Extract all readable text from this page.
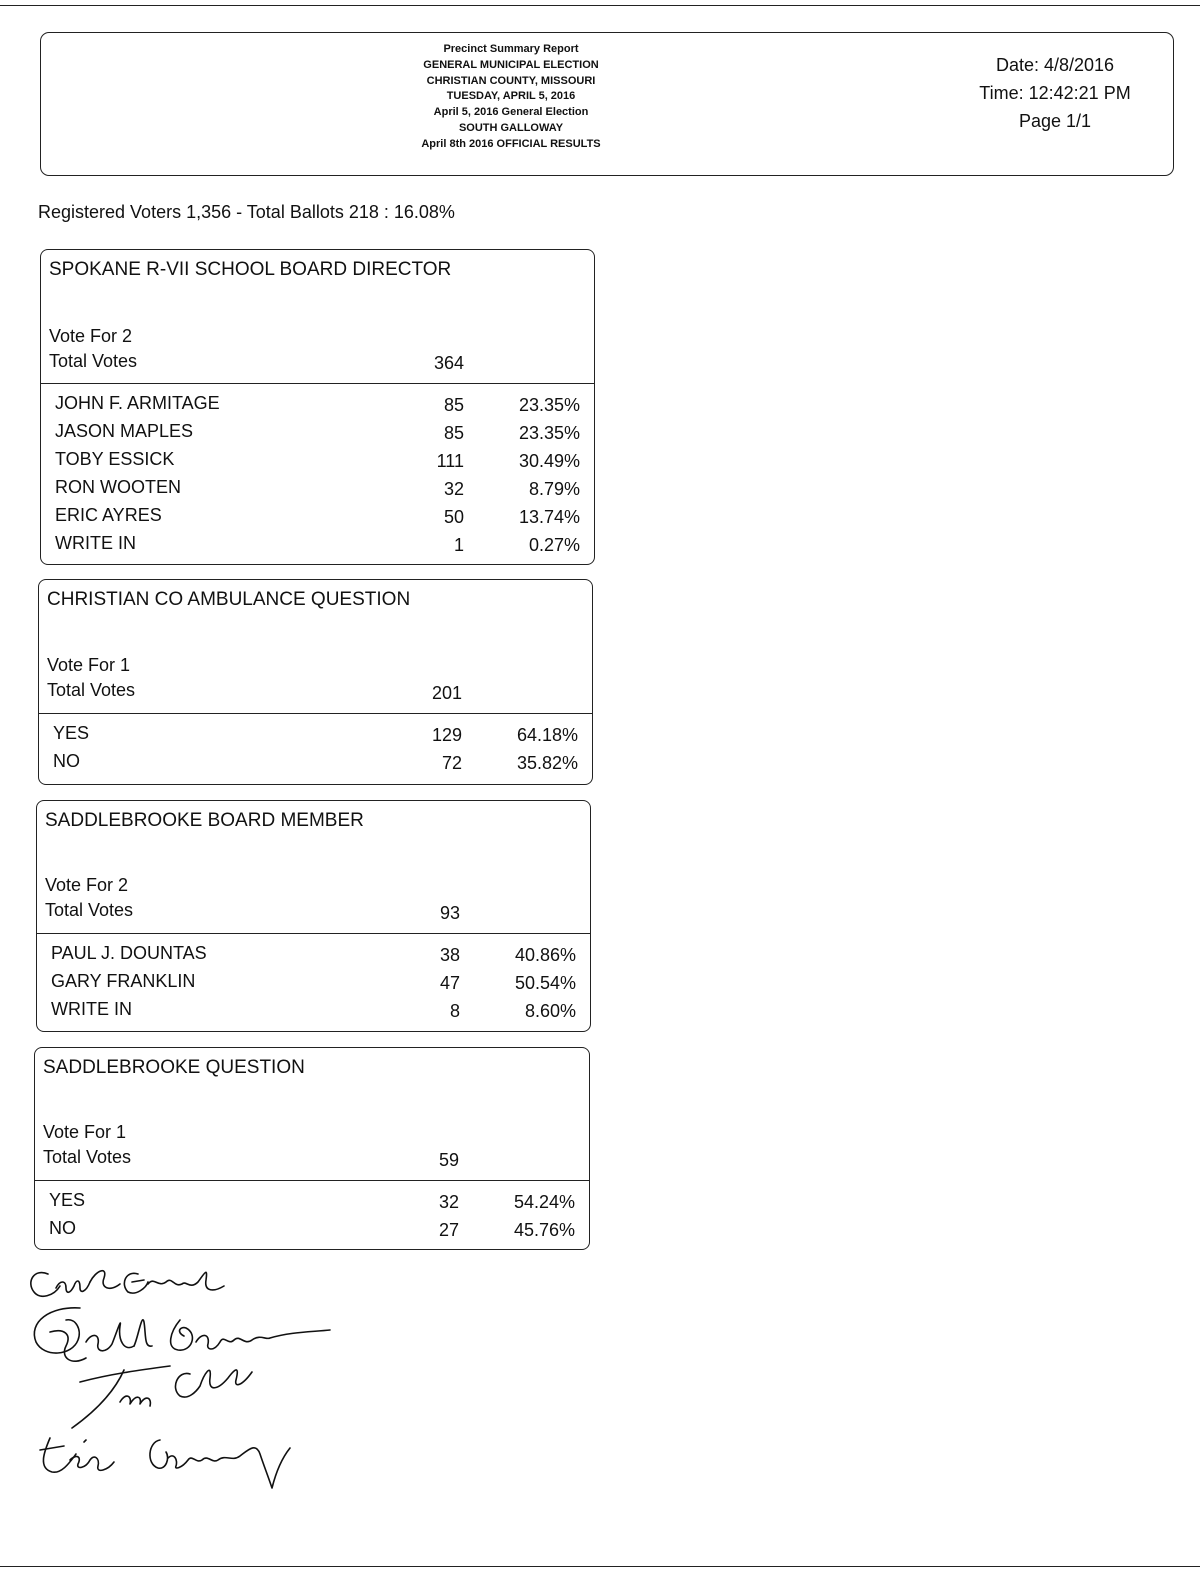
Precinct Summary Report
GENERAL MUNICIPAL ELECTION
CHRISTIAN COUNTY, MISSOURI
TUESDAY, APRIL 5, 2016
April 5, 2016 General Election
SOUTH GALLOWAY
April 8th 2016 OFFICIAL RESULTS
Date: 4/8/2016
Time: 12:42:21 PM
Page 1/1
Registered Voters 1,356 - Total Ballots 218 : 16.08%
SPOKANE R-VII SCHOOL BOARD DIRECTOR
Vote For 2
Total Votes	364
JOHN F. ARMITAGE	85	23.35%
JASON MAPLES	85	23.35%
TOBY ESSICK	111	30.49%
RON WOOTEN	32	8.79%
ERIC AYRES	50	13.74%
WRITE IN	1	0.27%
CHRISTIAN CO AMBULANCE QUESTION
Vote For 1
Total Votes	201
YES	129	64.18%
NO	72	35.82%
SADDLEBROOKE BOARD MEMBER
Vote For 2
Total Votes	93
PAUL J. DOUNTAS	38	40.86%
GARY FRANKLIN	47	50.54%
WRITE IN	8	8.60%
SADDLEBROOKE QUESTION
Vote For 1
Total Votes	59
YES	32	54.24%
NO	27	45.76%
